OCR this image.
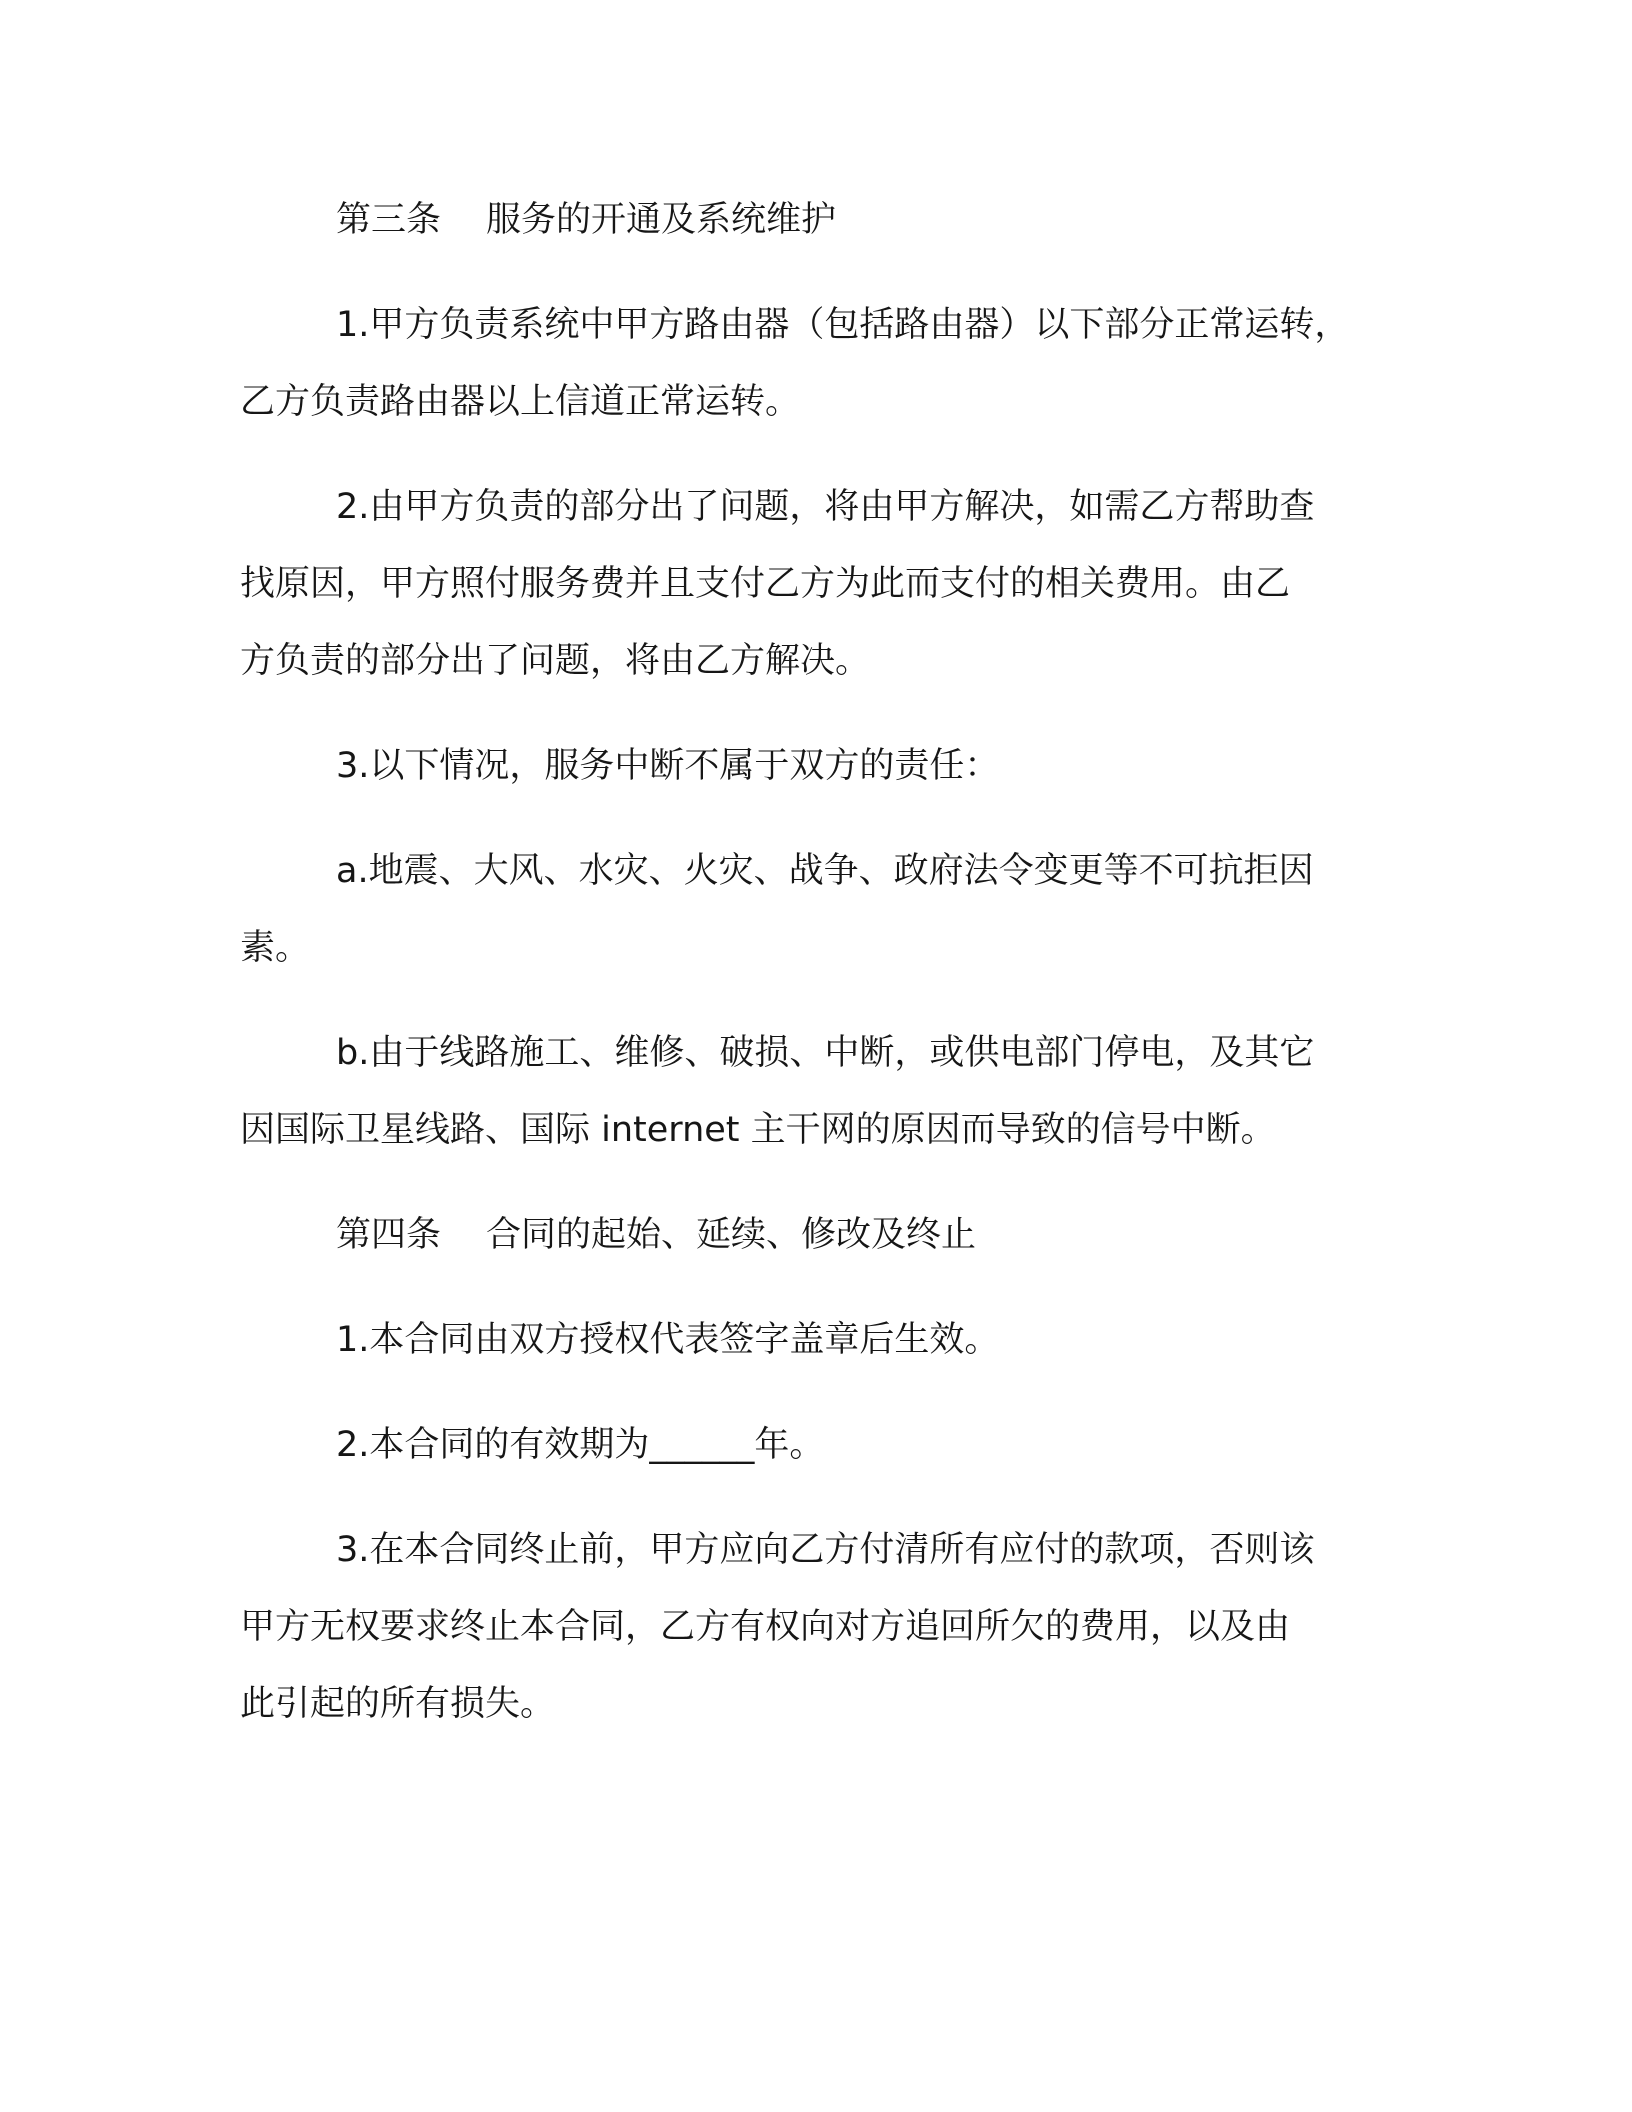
第三条 服务的开通及系统维护
1.甲方负责系统中甲方路由器（包括路由器）以下部分正常运转，
乙方负责路由器以上信道正常运转。
2.由甲方负责的部分出了问题，将由甲方解决，如需乙方帮助查
找原因，甲方照付服务费并且支付乙方为此而支付的相关费用。由乙
方负责的部分出了问题，将由乙方解决。
3.以下情况，服务中断不属于双方的责任：
a.地震、大风、水灾、火灾、战争、政府法令变更等不可抗拒因
素。
b.由于线路施工、维修、破损、中断，或供电部门停电，及其它
因国际卫星线路、国际 internet 主干网的原因而导致的信号中断。
第四条 合同的起始、延续、修改及终止
1.本合同由双方授权代表签字盖章后生效。
2.本合同的有效期为______年。
3.在本合同终止前，甲方应向乙方付清所有应付的款项，否则该
甲方无权要求终止本合同，乙方有权向对方追回所欠的费用，以及由
此引起的所有损失。
